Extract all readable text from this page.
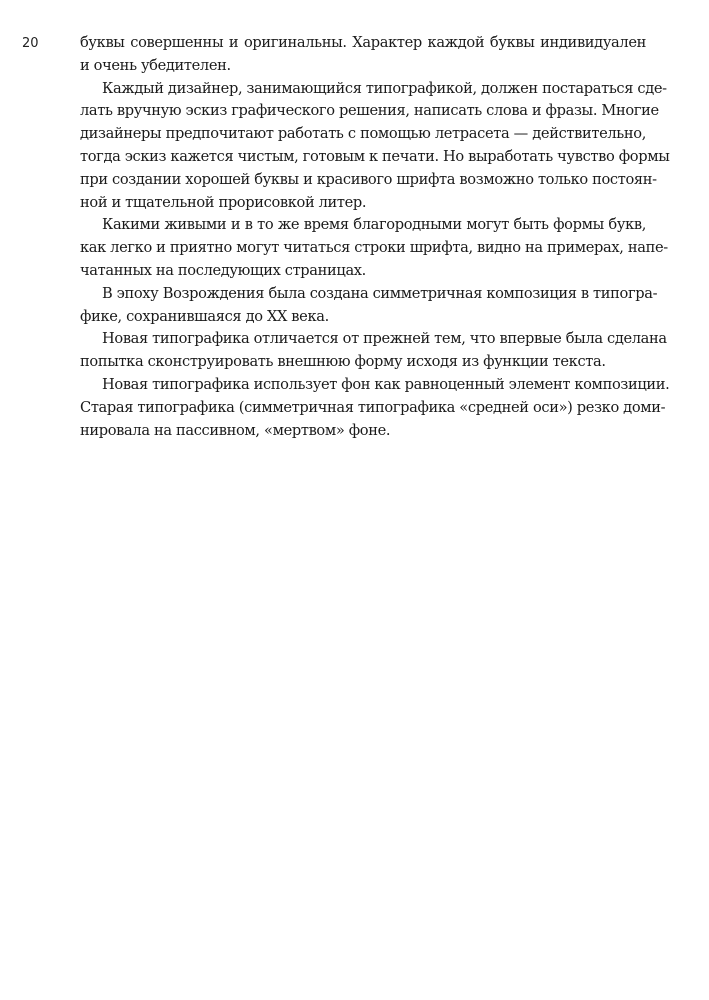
20	буквы совершенны и оригинальны. Характер каждой буквы индивидуален
и очень убедителен.

Каждый дизайнер, занимающийся типографикой, должен постараться сде-
лать вручную эскиз графического решения, написать слова и фразы. Многие
дизайнеры предпочитают работать с помощью летрасета — действительно,
тогда эскиз кажется чистым, готовым к печати. Но выработать чувство формы
при создании хорошей буквы и красивого шрифта возможно только постоян-
ной и тщательной прорисовкой литер.

Какими живыми и в то же время благородными могут быть формы букв,
как легко и приятно могут читаться строки шрифта, видно на примерах, напе-
чатанных на последующих страницах.

В эпоху Возрождения была создана симметричная композиция в типогра-
фике, сохранившаяся до XX века.

Новая типографика отличается от прежней тем, что впервые была сделана
попытка сконструировать внешнюю форму исходя из функции текста.

Новая типографика использует фон как равноценный элемент композиции.
Старая типографика (симметричная типографика «средней оси») резко доми-
нировала на пассивном, «мертвом» фоне.
